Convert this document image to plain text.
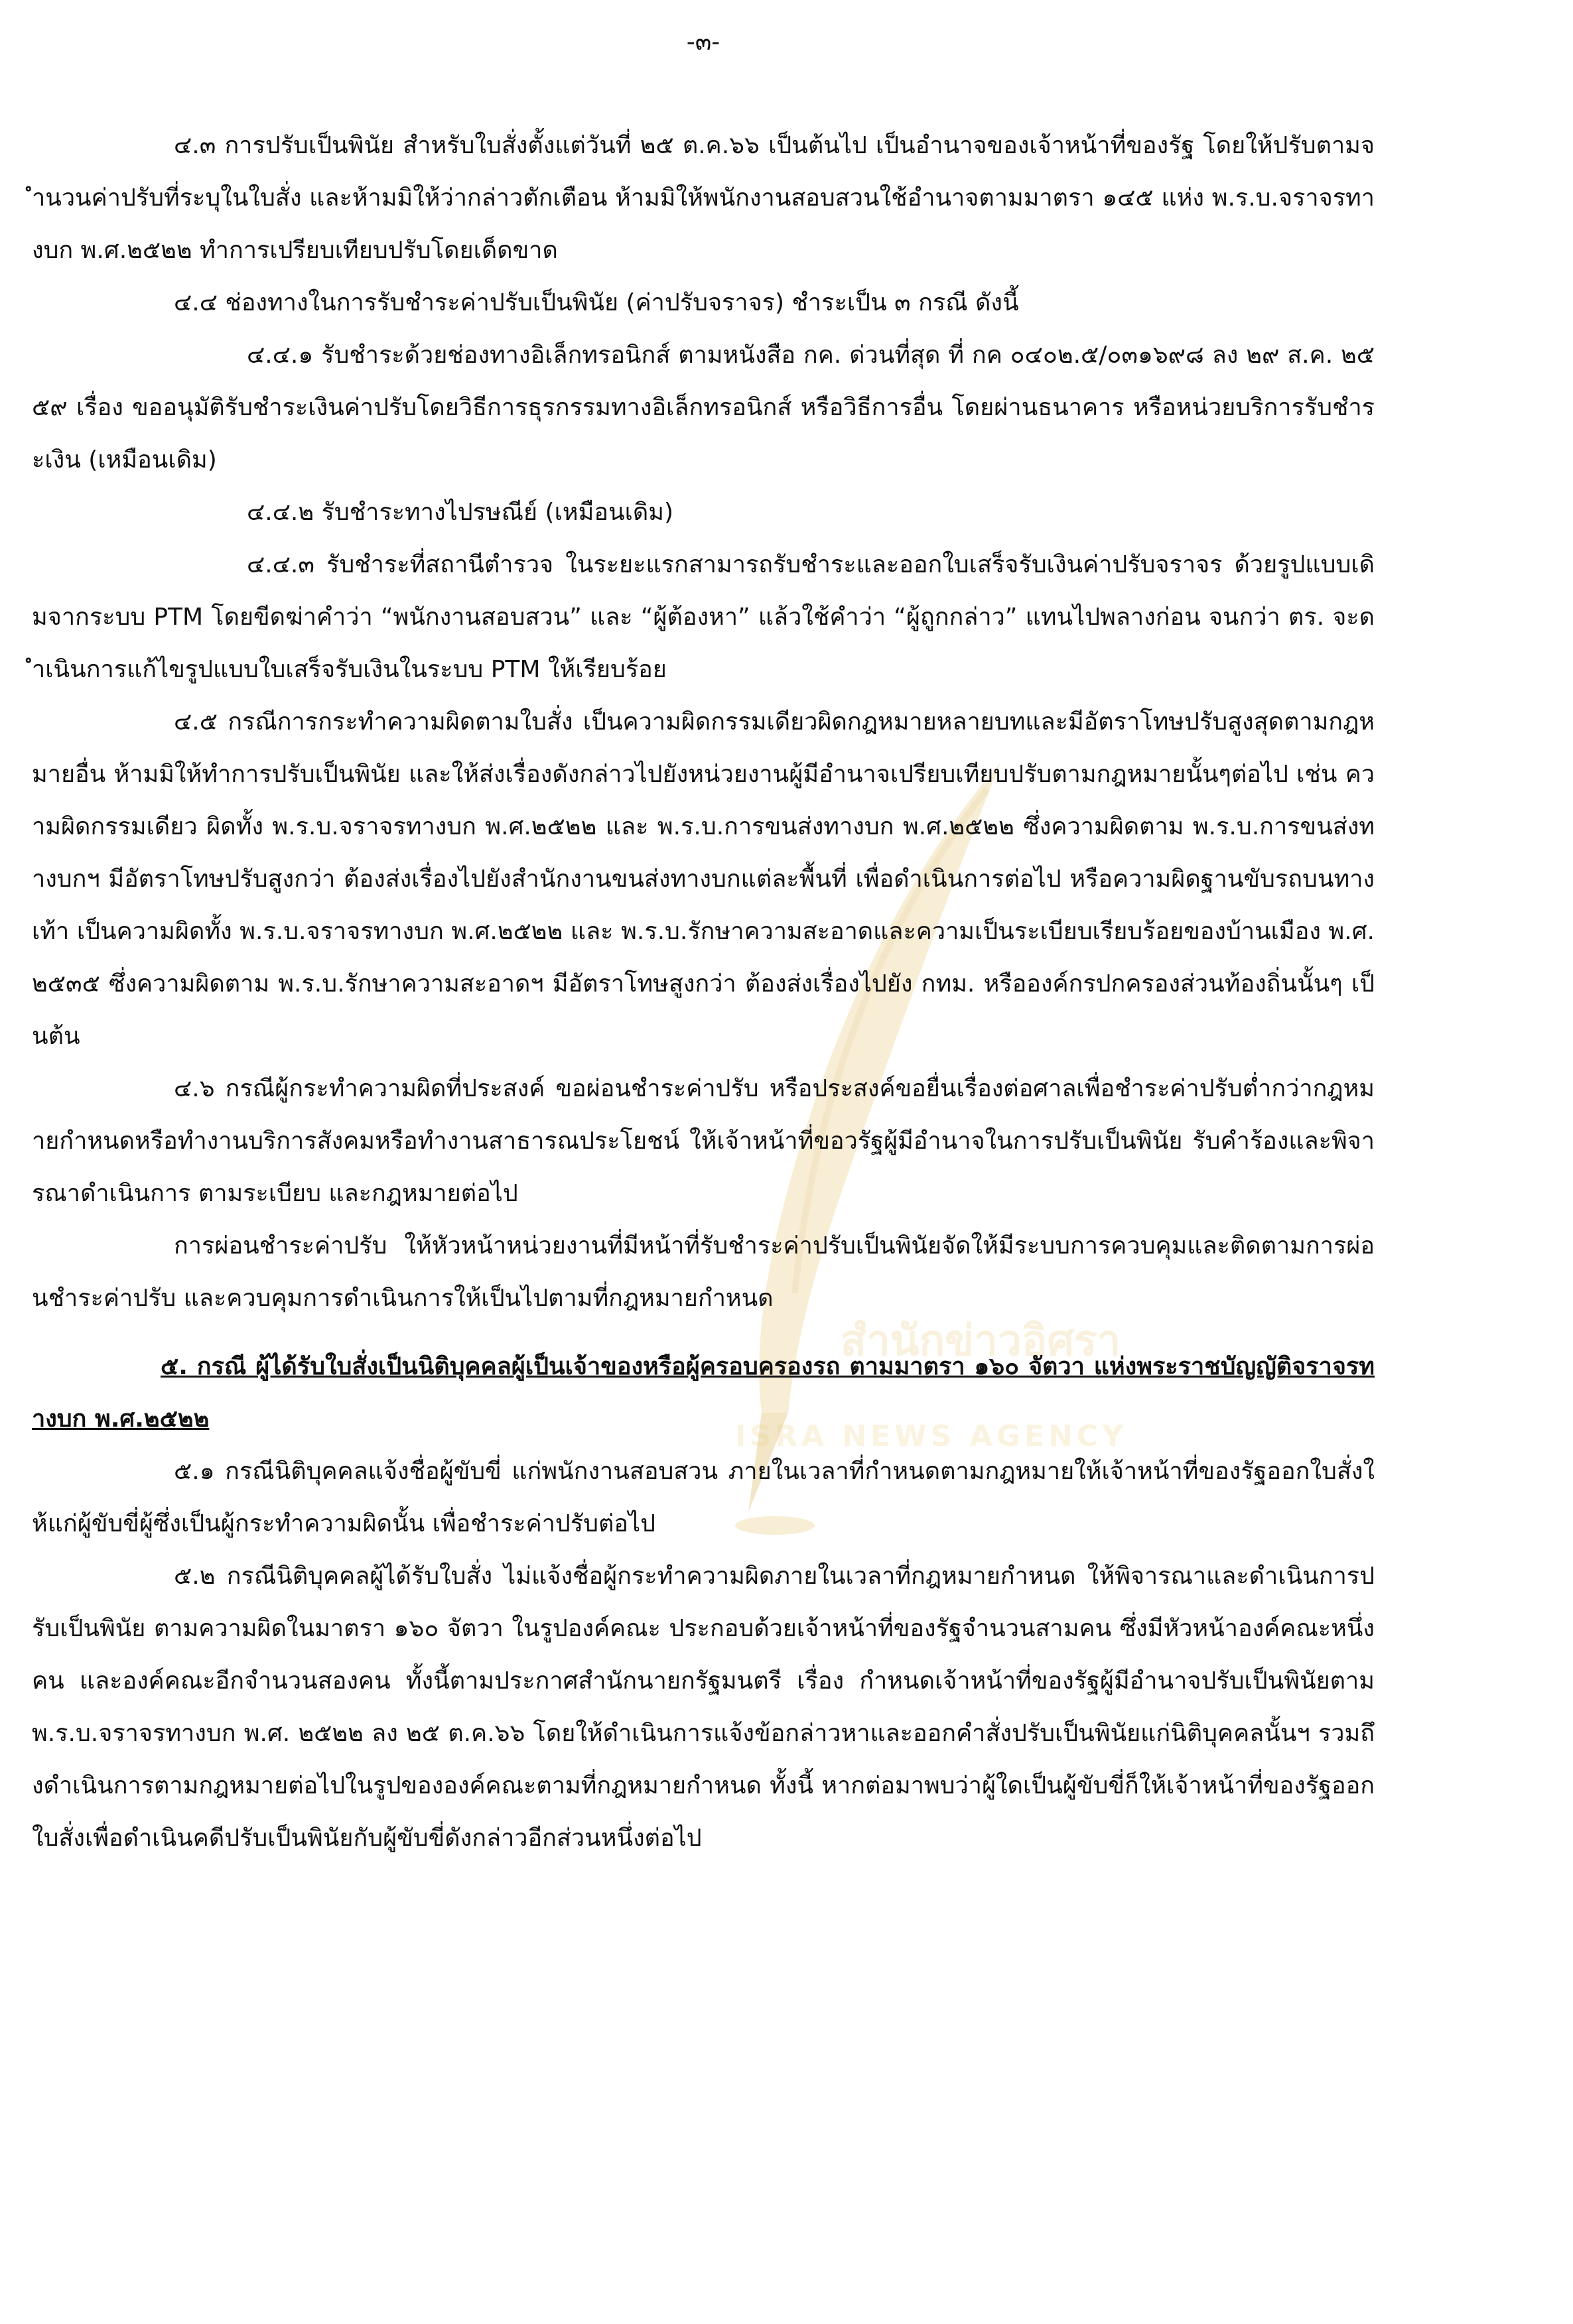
สำนักข่าวอิศรา
ISRA NEWS AGENCY
-๓-

๔.๓ การปรับเป็นพินัย สำหรับใบสั่งตั้งแต่วันที่ ๒๕ ต.ค.๖๖ เป็นต้นไป เป็นอำนาจของเจ้าหน้าที่ของรัฐ โดยให้ปรับตามจำนวนค่าปรับที่ระบุในใบสั่ง และห้ามมิให้ว่ากล่าวตักเตือน ห้ามมิให้พนักงานสอบสวนใช้อำนาจตามมาตรา ๑๔๕ แห่ง พ.ร.บ.จราจรทางบก พ.ศ.๒๕๒๒ ทำการเปรียบเทียบปรับโดยเด็ดขาด

๔.๔ ช่องทางในการรับชำระค่าปรับเป็นพินัย (ค่าปรับจราจร) ชำระเป็น ๓ กรณี ดังนี้

๔.๔.๑ รับชำระด้วยช่องทางอิเล็กทรอนิกส์ ตามหนังสือ กค. ด่วนที่สุด ที่ กค ๐๔๐๒.๕/๐๓๑๖๙๘ ลง ๒๙ ส.ค. ๒๕๕๙ เรื่อง ขออนุมัติรับชำระเงินค่าปรับโดยวิธีการธุรกรรมทางอิเล็กทรอนิกส์ หรือวิธีการอื่น โดยผ่านธนาคาร หรือหน่วยบริการรับชำระเงิน (เหมือนเดิม)

๔.๔.๒ รับชำระทางไปรษณีย์ (เหมือนเดิม)

๔.๔.๓ รับชำระที่สถานีตำรวจ ในระยะแรกสามารถรับชำระและออกใบเสร็จรับเงินค่าปรับจราจร ด้วยรูปแบบเดิมจากระบบ PTM โดยขีดฆ่าคำว่า “พนักงานสอบสวน” และ “ผู้ต้องหา” แล้วใช้คำว่า “ผู้ถูกกล่าว” แทนไปพลางก่อน จนกว่า ตร. จะดำเนินการแก้ไขรูปแบบใบเสร็จรับเงินในระบบ PTM ให้เรียบร้อย

๔.๕ กรณีการกระทำความผิดตามใบสั่ง เป็นความผิดกรรมเดียวผิดกฎหมายหลายบทและมีอัตราโทษปรับสูงสุดตามกฎหมายอื่น ห้ามมิให้ทำการปรับเป็นพินัย และให้ส่งเรื่องดังกล่าวไปยังหน่วยงานผู้มีอำนาจเปรียบเทียบปรับตามกฎหมายนั้นๆต่อไป เช่น ความผิดกรรมเดียว ผิดทั้ง พ.ร.บ.จราจรทางบก พ.ศ.๒๕๒๒ และ พ.ร.บ.การขนส่งทางบก พ.ศ.๒๕๒๒ ซึ่งความผิดตาม พ.ร.บ.การขนส่งทางบกฯ มีอัตราโทษปรับสูงกว่า ต้องส่งเรื่องไปยังสำนักงานขนส่งทางบกแต่ละพื้นที่ เพื่อดำเนินการต่อไป หรือความผิดฐานขับรถบนทางเท้า เป็นความผิดทั้ง พ.ร.บ.จราจรทางบก พ.ศ.๒๕๒๒ และ พ.ร.บ.รักษาความสะอาดและความเป็นระเบียบเรียบร้อยของบ้านเมือง พ.ศ.๒๕๓๕ ซึ่งความผิดตาม พ.ร.บ.รักษาความสะอาดฯ มีอัตราโทษสูงกว่า ต้องส่งเรื่องไปยัง กทม. หรือองค์กรปกครองส่วนท้องถิ่นนั้นๆ เป็นต้น

๔.๖ กรณีผู้กระทำความผิดที่ประสงค์ ขอผ่อนชำระค่าปรับ หรือประสงค์ขอยื่นเรื่องต่อศาลเพื่อชำระค่าปรับต่ำกว่ากฎหมายกำหนดหรือทำงานบริการสังคมหรือทำงานสาธารณประโยชน์ ให้เจ้าหน้าที่ขอวรัฐผู้มีอำนาจในการปรับเป็นพินัย รับคำร้องและพิจารณาดำเนินการ ตามระเบียบ และกฎหมายต่อไป

การผ่อนชำระค่าปรับ ให้หัวหน้าหน่วยงานที่มีหน้าที่รับชำระค่าปรับเป็นพินัยจัดให้มีระบบการควบคุมและติดตามการผ่อนชำระค่าปรับ และควบคุมการดำเนินการให้เป็นไปตามที่กฎหมายกำหนด

๕. กรณี ผู้ได้รับใบสั่งเป็นนิติบุคคลผู้เป็นเจ้าของหรือผู้ครอบครองรถ ตามมาตรา ๑๖๐ จัตวา แห่งพระราชบัญญัติจราจรทางบก พ.ศ.๒๕๒๒

๕.๑ กรณีนิติบุคคลแจ้งชื่อผู้ขับขี่ แก่พนักงานสอบสวน ภายในเวลาที่กำหนดตามกฎหมายให้เจ้าหน้าที่ของรัฐออกใบสั่งให้แก่ผู้ขับขี่ผู้ซึ่งเป็นผู้กระทำความผิดนั้น เพื่อชำระค่าปรับต่อไป

๕.๒ กรณีนิติบุคคลผู้ได้รับใบสั่ง ไม่แจ้งชื่อผู้กระทำความผิดภายในเวลาที่กฎหมายกำหนด ให้พิจารณาและดำเนินการปรับเป็นพินัย ตามความผิดในมาตรา ๑๖๐ จัตวา ในรูปองค์คณะ ประกอบด้วยเจ้าหน้าที่ของรัฐจำนวนสามคน ซึ่งมีหัวหน้าองค์คณะหนึ่งคน และองค์คณะอีกจำนวนสองคน ทั้งนี้ตามประกาศสำนักนายกรัฐมนตรี เรื่อง กำหนดเจ้าหน้าที่ของรัฐผู้มีอำนาจปรับเป็นพินัยตาม พ.ร.บ.จราจรทางบก พ.ศ. ๒๕๒๒ ลง ๒๕ ต.ค.๖๖ โดยให้ดำเนินการแจ้งข้อกล่าวหาและออกคำสั่งปรับเป็นพินัยแก่นิติบุคคลนั้นฯ รวมถึงดำเนินการตามกฎหมายต่อไปในรูปขององค์คณะตามที่กฎหมายกำหนด ทั้งนี้ หากต่อมาพบว่าผู้ใดเป็นผู้ขับขี่ก็ให้เจ้าหน้าที่ของรัฐออกใบสั่งเพื่อดำเนินคดีปรับเป็นพินัยกับผู้ขับขี่ดังกล่าวอีกส่วนหนึ่งต่อไป
